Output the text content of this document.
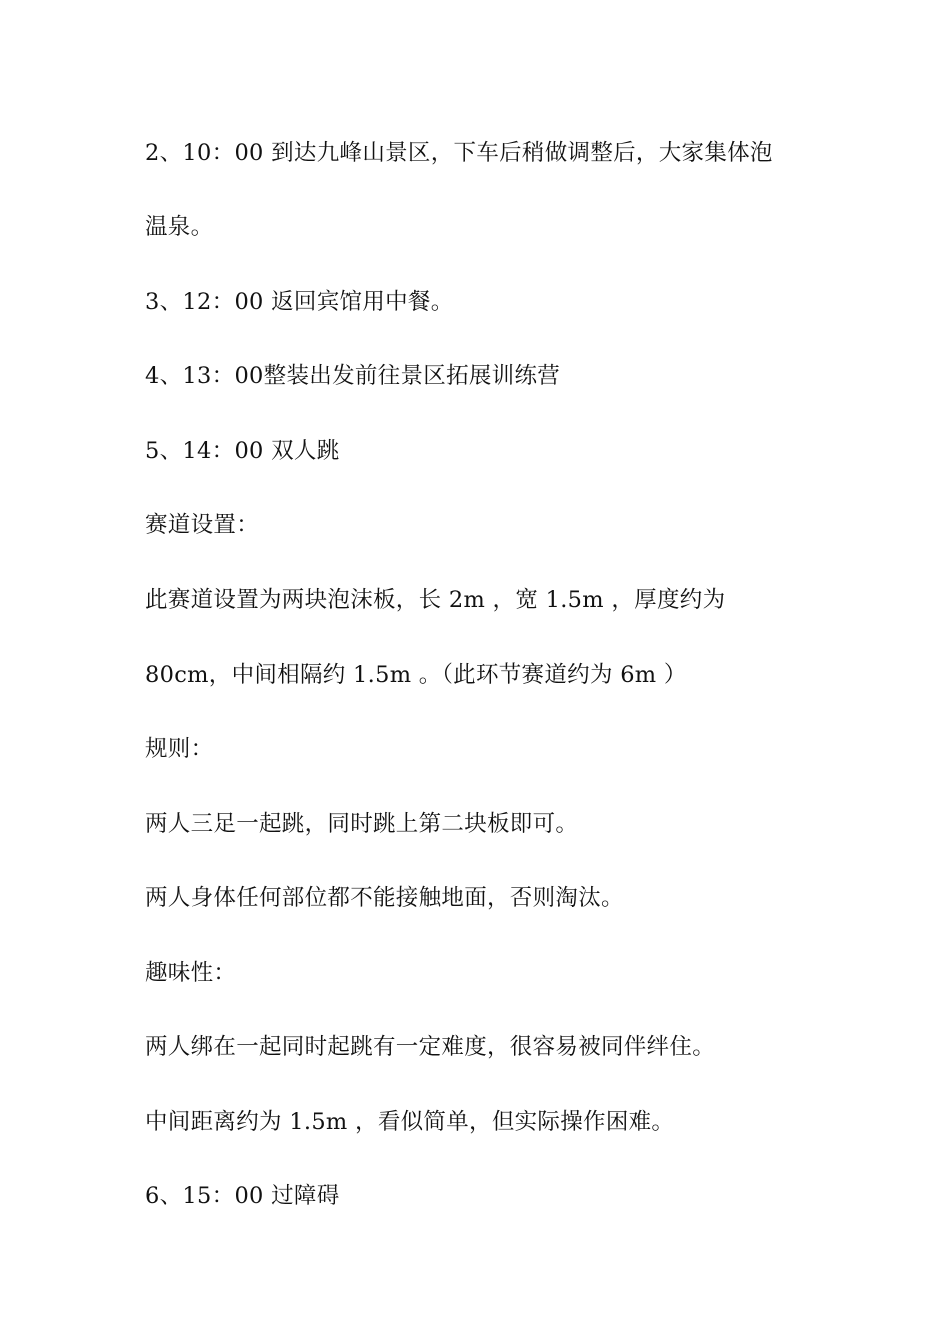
2、10：00 到达九峰山景区，下车后稍做调整后，大家集体泡
温泉。
3、12：00 返回宾馆用中餐。
4、13：00整装出发前往景区拓展训练营
5、14：00 双人跳
赛道设置：
此赛道设置为两块泡沫板，长 2m ，宽 1.5m ，厚度约为
80cm，中间相隔约 1.5m 。（此环节赛道约为 6m ）
规则：
两人三足一起跳，同时跳上第二块板即可。
两人身体任何部位都不能接触地面，否则淘汰。
趣味性：
两人绑在一起同时起跳有一定难度，很容易被同伴绊住。
中间距离约为 1.5m ，看似简单，但实际操作困难。
6、15：00 过障碍
